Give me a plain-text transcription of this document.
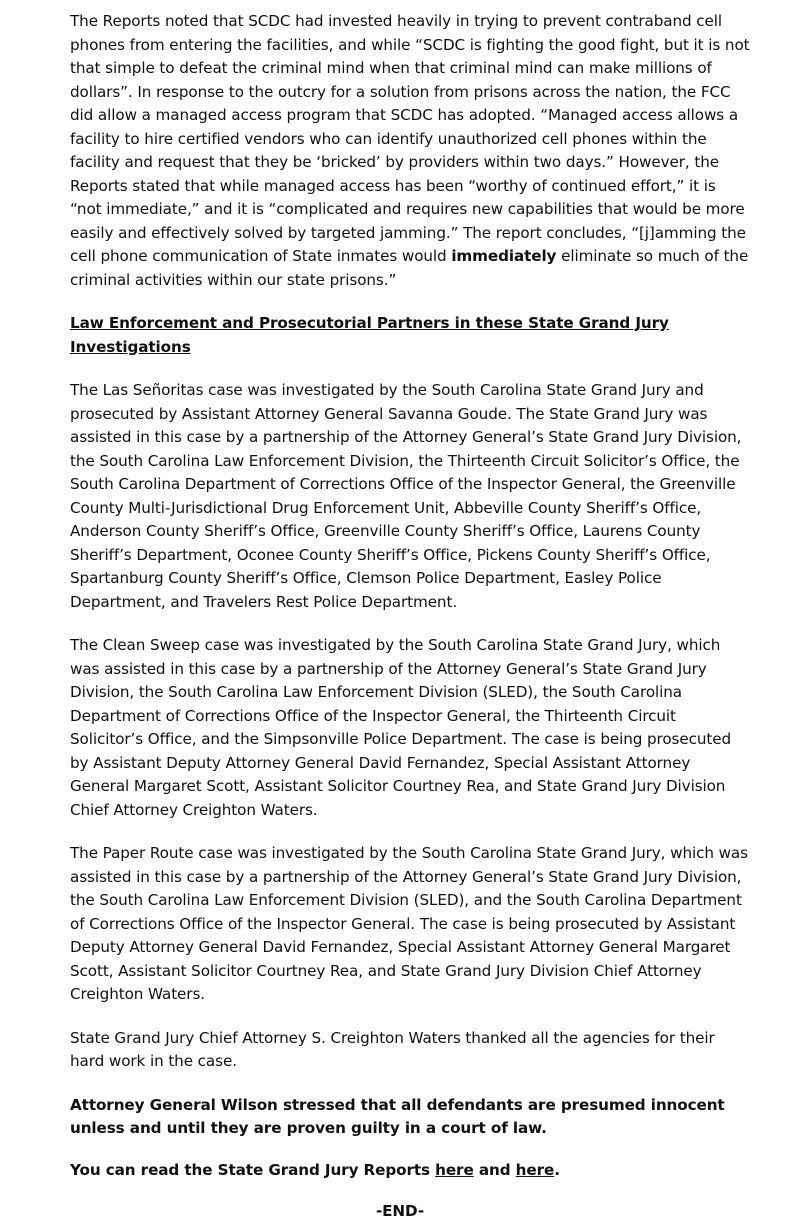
The Reports noted that SCDC had invested heavily in trying to prevent contraband cell phones from entering the facilities, and while “SCDC is fighting the good fight, but it is not that simple to defeat the criminal mind when that criminal mind can make millions of dollars”. In response to the outcry for a solution from prisons across the nation, the FCC did allow a managed access program that SCDC has adopted. “Managed access allows a facility to hire certified vendors who can identify unauthorized cell phones within the facility and request that they be ‘bricked’ by providers within two days.” However, the Reports stated that while managed access has been “worthy of continued effort,” it is “not immediate,” and it is “complicated and requires new capabilities that would be more easily and effectively solved by targeted jamming.” The report concludes, “[j]amming the cell phone communication of State inmates would immediately eliminate so much of the criminal activities within our state prisons.”

Law Enforcement and Prosecutorial Partners in these State Grand Jury Investigations

The Las Señoritas case was investigated by the South Carolina State Grand Jury and prosecuted by Assistant Attorney General Savanna Goude. The State Grand Jury was assisted in this case by a partnership of the Attorney General’s State Grand Jury Division, the South Carolina Law Enforcement Division, the Thirteenth Circuit Solicitor’s Office, the South Carolina Department of Corrections Office of the Inspector General, the Greenville County Multi-Jurisdictional Drug Enforcement Unit, Abbeville County Sheriff’s Office, Anderson County Sheriff’s Office, Greenville County Sheriff’s Office, Laurens County Sheriff’s Department, Oconee County Sheriff’s Office, Pickens County Sheriff’s Office, Spartanburg County Sheriff’s Office, Clemson Police Department, Easley Police Department, and Travelers Rest Police Department.

The Clean Sweep case was investigated by the South Carolina State Grand Jury, which was assisted in this case by a partnership of the Attorney General’s State Grand Jury Division, the South Carolina Law Enforcement Division (SLED), the South Carolina Department of Corrections Office of the Inspector General, the Thirteenth Circuit Solicitor’s Office, and the Simpsonville Police Department. The case is being prosecuted by Assistant Deputy Attorney General David Fernandez, Special Assistant Attorney General Margaret Scott, Assistant Solicitor Courtney Rea, and State Grand Jury Division Chief Attorney Creighton Waters.

The Paper Route case was investigated by the South Carolina State Grand Jury, which was assisted in this case by a partnership of the Attorney General’s State Grand Jury Division, the South Carolina Law Enforcement Division (SLED), and the South Carolina Department of Corrections Office of the Inspector General. The case is being prosecuted by Assistant Deputy Attorney General David Fernandez, Special Assistant Attorney General Margaret Scott, Assistant Solicitor Courtney Rea, and State Grand Jury Division Chief Attorney Creighton Waters.

State Grand Jury Chief Attorney S. Creighton Waters thanked all the agencies for their hard work in the case.

Attorney General Wilson stressed that all defendants are presumed innocent unless and until they are proven guilty in a court of law.

You can read the State Grand Jury Reports here and here.

-END-
